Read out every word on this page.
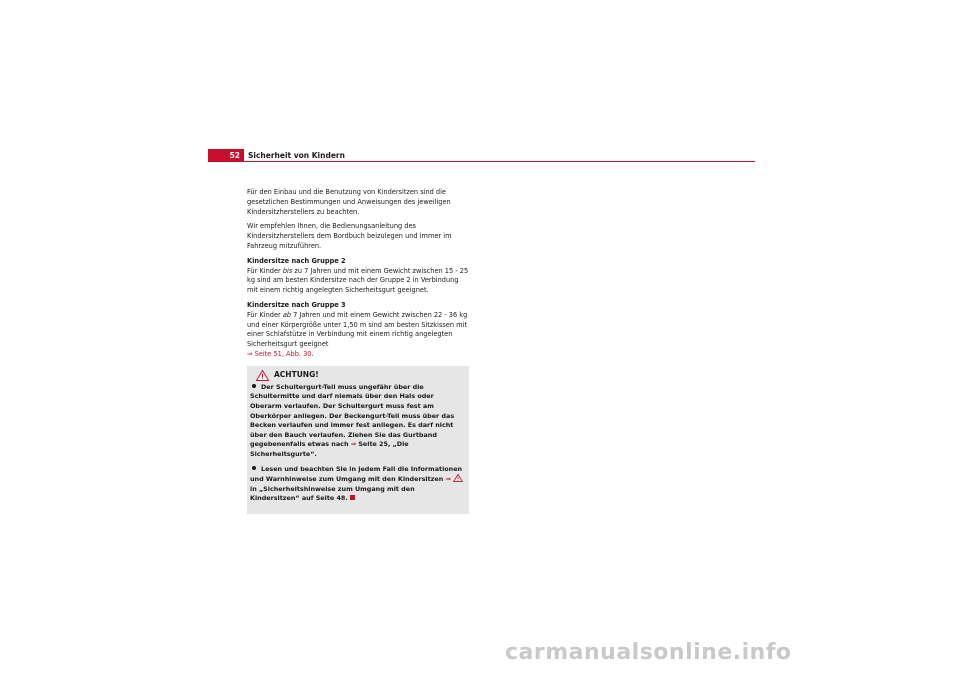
52	Sicherheit von Kindern

Für den Einbau und die Benutzung von Kindersitzen sind die gesetzlichen Bestimmungen und Anweisungen des jeweiligen Kindersitzherstellers zu beachten.

Wir empfehlen Ihnen, die Bedienungsanleitung des Kindersitzherstellers dem Bordbuch beizulegen und immer im Fahrzeug mitzuführen.

Kindersitze nach Gruppe 2

Für Kinder bis zu 7 Jahren und mit einem Gewicht zwischen 15 - 25 kg sind am besten Kindersitze nach der Gruppe 2 in Verbindung mit einem richtig angelegten Sicherheitsgurt geeignet.

Kindersitze nach Gruppe 3

Für Kinder ab 7 Jahren und mit einem Gewicht zwischen 22 - 36 kg und einer Körpergröße unter 1,50 m sind am besten Sitzkissen mit einer Schlafstütze in Verbindung mit einem richtig angelegten Sicherheitsgurt geeignet
⇒ Seite 51, Abb. 30.

ACHTUNG!

Der Schultergurt-Teil muss ungefähr über die Schultermitte und darf niemals über den Hals oder Oberarm verlaufen. Der Schultergurt muss fest am Oberkörper anliegen. Der Beckengurt-Teil muss über das Becken verlaufen und immer fest anliegen. Es darf nicht über den Bauch verlaufen. Ziehen Sie das Gurtband gegebenenfalls etwas nach ⇒ Seite 25, „Die Sicherheitsgurte“.

Lesen und beachten Sie in jedem Fall die Informationen und Warnhinweise zum Umgang mit den Kindersitzen ⇒  in „Sicherheitshinweise zum Umgang mit den Kindersitzen“ auf Seite 48.

carmanualsonline.info
